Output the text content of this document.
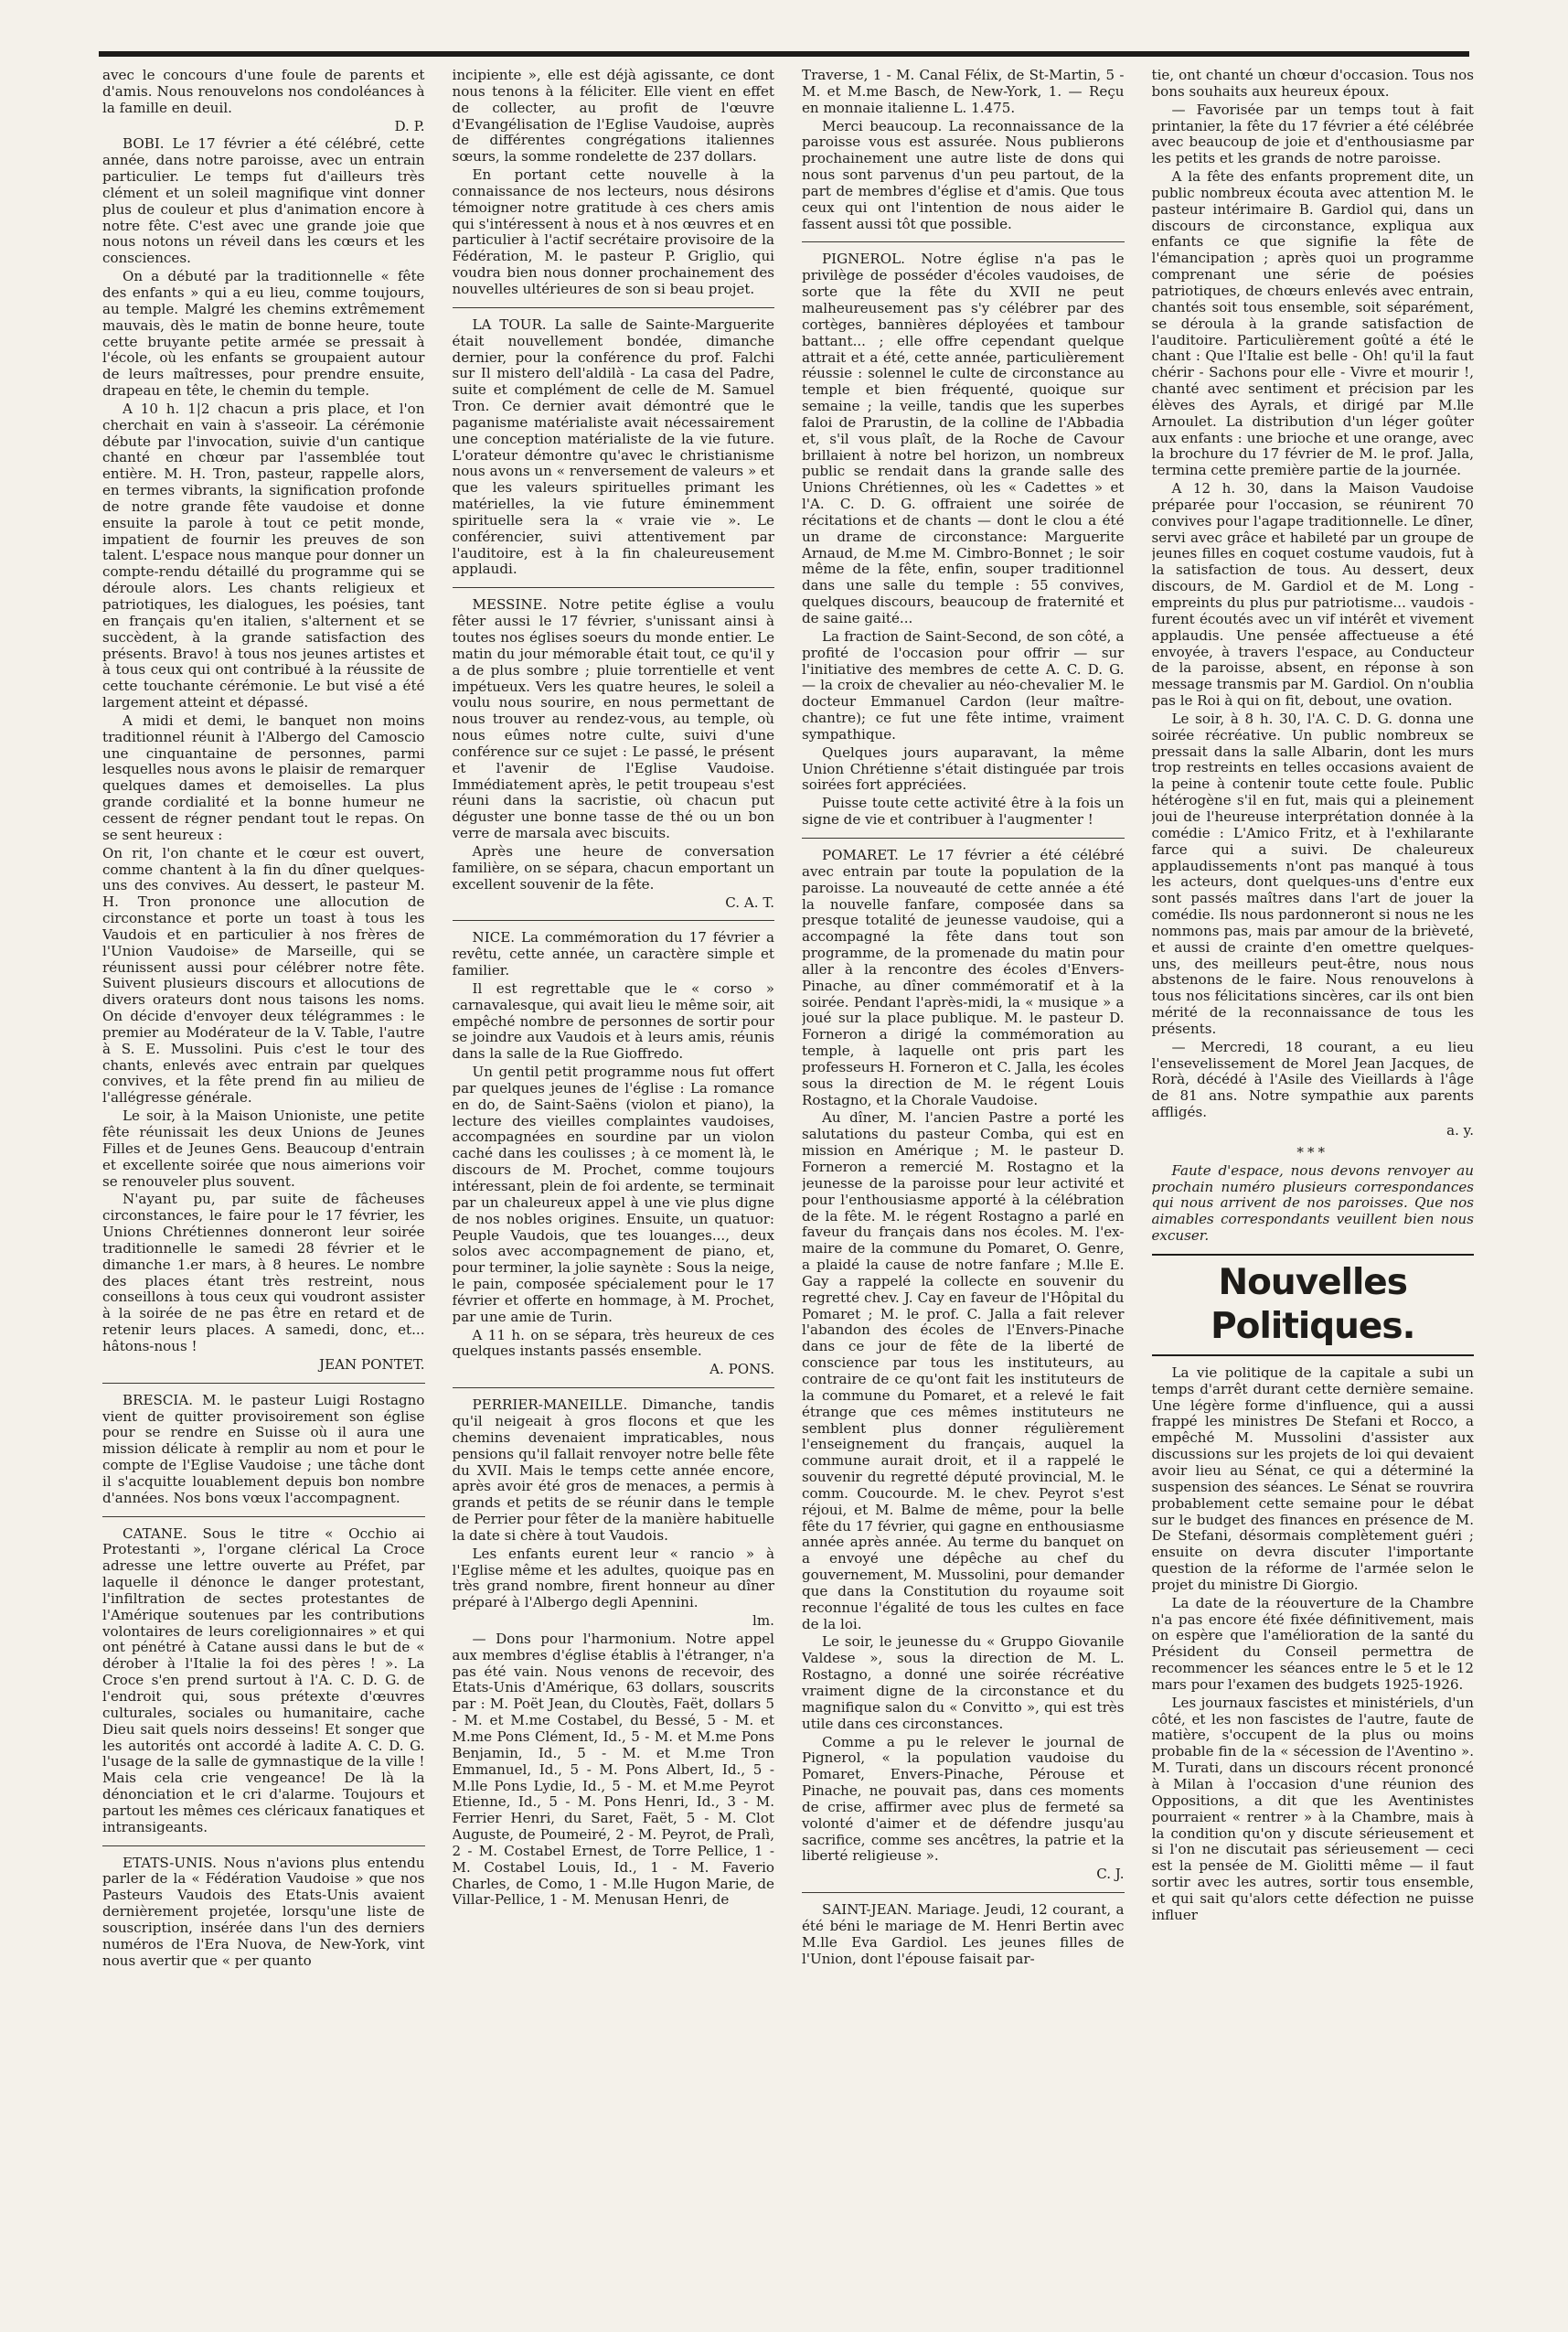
avec le concours d'une foule de parents et d'amis. Nous renouvelons nos condoléances à la famille en deuil.

D. P.

BOBI. Le 17 février a été célébré, cette année, dans notre paroisse, avec un entrain particulier. Le temps fut d'ailleurs très clément et un soleil magnifique vint donner plus de couleur et plus d'animation encore à notre fête. C'est avec une grande joie que nous notons un réveil dans les cœurs et les consciences.

On a débuté par la traditionnelle « fête des enfants » qui a eu lieu, comme toujours, au temple. Malgré les chemins extrêmement mauvais, dès le matin de bonne heure, toute cette bruyante petite armée se pressait à l'école, où les enfants se groupaient autour de leurs maîtresses, pour prendre ensuite, drapeau en tête, le chemin du temple.

A 10 h. 1|2 chacun a pris place, et l'on cherchait en vain à s'asseoir. La cérémonie débute par l'invocation, suivie d'un cantique chanté en chœur par l'assemblée tout entière. M. H. Tron, pasteur, rappelle alors, en termes vibrants, la signification profonde de notre grande fête vaudoise et donne ensuite la parole à tout ce petit monde, impatient de fournir les preuves de son talent. L'espace nous manque pour donner un compte-rendu détaillé du programme qui se déroule alors. Les chants religieux et patriotiques, les dialogues, les poésies, tant en français qu'en italien, s'alternent et se succèdent, à la grande satisfaction des présents. Bravo! à tous nos jeunes artistes et à tous ceux qui ont contribué à la réussite de cette touchante cérémonie. Le but visé a été largement atteint et dépassé.

A midi et demi, le banquet non moins traditionnel réunit à l'Albergo del Camoscio une cinquantaine de personnes, parmi lesquelles nous avons le plaisir de remarquer quelques dames et demoiselles. La plus grande cordialité et la bonne humeur ne cessent de régner pendant tout le repas. On se sent heureux :

On rit, l'on chante et le cœur est ouvert, comme chantent à la fin du dîner quelques-uns des convives. Au dessert, le pasteur M. H. Tron prononce une allocution de circonstance et porte un toast à tous les Vaudois et en particulier à nos frères de l'Union Vaudoise» de Marseille, qui se réunissent aussi pour célébrer notre fête. Suivent plusieurs discours et allocutions de divers orateurs dont nous taisons les noms. On décide d'envoyer deux télégrammes : le premier au Modérateur de la V. Table, l'autre à S. E. Mussolini. Puis c'est le tour des chants, enlevés avec entrain par quelques convives, et la fête prend fin au milieu de l'allégresse générale.

Le soir, à la Maison Unioniste, une petite fête réunissait les deux Unions de Jeunes Filles et de Jeunes Gens. Beaucoup d'entrain et excellente soirée que nous aimerions voir se renouveler plus souvent.

N'ayant pu, par suite de fâcheuses circonstances, le faire pour le 17 février, les Unions Chrétiennes donneront leur soirée traditionnelle le samedi 28 février et le dimanche 1.er mars, à 8 heures. Le nombre des places étant très restreint, nous conseillons à tous ceux qui voudront assister à la soirée de ne pas être en retard et de retenir leurs places. A samedi, donc, et... hâtons-nous !

JEAN PONTET.

BRESCIA. M. le pasteur Luigi Rostagno vient de quitter provisoirement son église pour se rendre en Suisse où il aura une mission délicate à remplir au nom et pour le compte de l'Eglise Vaudoise ; une tâche dont il s'acquitte louablement depuis bon nombre d'années. Nos bons vœux l'accompagnent.

CATANE. Sous le titre « Occhio ai Protestanti », l'organe clérical La Croce adresse une lettre ouverte au Préfet, par laquelle il dénonce le danger protestant, l'infiltration de sectes protestantes de l'Amérique soutenues par les contributions volontaires de leurs coreligionnaires » et qui ont pénétré à Catane aussi dans le but de « dérober à l'Italie la foi des pères ! ». La Croce s'en prend surtout à l'A. C. D. G. de l'endroit qui, sous prétexte d'œuvres culturales, sociales ou humanitaire, cache Dieu sait quels noirs desseins! Et songer que les autorités ont accordé à ladite A. C. D. G. l'usage de la salle de gymnastique de la ville ! Mais cela crie vengeance! De là la dénonciation et le cri d'alarme. Toujours et partout les mêmes ces cléricaux fanatiques et intransigeants.

ETATS-UNIS. Nous n'avions plus entendu parler de la « Fédération Vaudoise » que nos Pasteurs Vaudois des Etats-Unis avaient dernièrement projetée, lorsqu'une liste de souscription, insérée dans l'un des derniers numéros de l'Era Nuova, de New-York, vint nous avertir que « per quanto

incipiente », elle est déjà agissante, ce dont nous tenons à la féliciter. Elle vient en effet de collecter, au profit de l'œuvre d'Evangélisation de l'Eglise Vaudoise, auprès de différentes congrégations italiennes sœurs, la somme rondelette de 237 dollars.

En portant cette nouvelle à la connaissance de nos lecteurs, nous désirons témoigner notre gratitude à ces chers amis qui s'intéressent à nous et à nos œuvres et en particulier à l'actif secrétaire provisoire de la Fédération, M. le pasteur P. Griglio, qui voudra bien nous donner prochainement des nouvelles ultérieures de son si beau projet.

LA TOUR. La salle de Sainte-Marguerite était nouvellement bondée, dimanche dernier, pour la conférence du prof. Falchi sur Il mistero dell'aldilà - La casa del Padre, suite et complément de celle de M. Samuel Tron. Ce dernier avait démontré que le paganisme matérialiste avait nécessairement une conception matérialiste de la vie future. L'orateur démontre qu'avec le christianisme nous avons un « renversement de valeurs » et que les valeurs spirituelles primant les matérielles, la vie future éminemment spirituelle sera la « vraie vie ». Le conférencier, suivi attentivement par l'auditoire, est à la fin chaleureusement applaudi.

MESSINE. Notre petite église a voulu fêter aussi le 17 février, s'unissant ainsi à toutes nos églises soeurs du monde entier. Le matin du jour mémorable était tout, ce qu'il y a de plus sombre ; pluie torrentielle et vent impétueux. Vers les quatre heures, le soleil a voulu nous sourire, en nous permettant de nous trouver au rendez-vous, au temple, où nous eûmes notre culte, suivi d'une conférence sur ce sujet : Le passé, le présent et l'avenir de l'Eglise Vaudoise. Immédiatement après, le petit troupeau s'est réuni dans la sacristie, où chacun put déguster une bonne tasse de thé ou un bon verre de marsala avec biscuits.

Après une heure de conversation familière, on se sépara, chacun emportant un excellent souvenir de la fête.

C. A. T.

NICE. La commémoration du 17 février a revêtu, cette année, un caractère simple et familier.

Il est regrettable que le « corso » carnavalesque, qui avait lieu le même soir, ait empêché nombre de personnes de sortir pour se joindre aux Vaudois et à leurs amis, réunis dans la salle de la Rue Gioffredo.

Un gentil petit programme nous fut offert par quelques jeunes de l'église : La romance en do, de Saint-Saëns (violon et piano), la lecture des vieilles complaintes vaudoises, accompagnées en sourdine par un violon caché dans les coulisses ; à ce moment là, le discours de M. Prochet, comme toujours intéressant, plein de foi ardente, se terminait par un chaleureux appel à une vie plus digne de nos nobles origines. Ensuite, un quatuor: Peuple Vaudois, que tes louanges..., deux solos avec accompagnement de piano, et, pour terminer, la jolie saynète : Sous la neige, le pain, composée spécialement pour le 17 février et offerte en hommage, à M. Prochet, par une amie de Turin.

A 11 h. on se sépara, très heureux de ces quelques instants passés ensemble.

A. PONS.

PERRIER-MANEILLE. Dimanche, tandis qu'il neigeait à gros flocons et que les chemins devenaient impraticables, nous pensions qu'il fallait renvoyer notre belle fête du XVII. Mais le temps cette année encore, après avoir été gros de menaces, a permis à grands et petits de se réunir dans le temple de Perrier pour fêter de la manière habituelle la date si chère à tout Vaudois.

Les enfants eurent leur « rancio » à l'Eglise même et les adultes, quoique pas en très grand nombre, firent honneur au dîner préparé à l'Albergo degli Apennini.

lm.

— Dons pour l'harmonium. Notre appel aux membres d'église établis à l'étranger, n'a pas été vain. Nous venons de recevoir, des Etats-Unis d'Amérique, 63 dollars, souscrits par : M. Poët Jean, du Cloutès, Faët, dollars 5 - M. et M.me Costabel, du Bessé, 5 - M. et M.me Pons Clément, Id., 5 - M. et M.me Pons Benjamin, Id., 5 - M. et M.me Tron Emmanuel, Id., 5 - M. Pons Albert, Id., 5 - M.lle Pons Lydie, Id., 5 - M. et M.me Peyrot Etienne, Id., 5 - M. Pons Henri, Id., 3 - M. Ferrier Henri, du Saret, Faët, 5 - M. Clot Auguste, de Poumeiré, 2 - M. Peyrot, de Pralì, 2 - M. Costabel Ernest, de Torre Pellice, 1 - M. Costabel Louis, Id., 1 - M. Faverio Charles, de Como, 1 - M.lle Hugon Marie, de Villar-Pellice, 1 - M. Menusan Henri, de

Traverse, 1 - M. Canal Félix, de St-Martin, 5 - M. et M.me Basch, de New-York, 1. — Reçu en monnaie italienne L. 1.475.

Merci beaucoup. La reconnaissance de la paroisse vous est assurée. Nous publierons prochainement une autre liste de dons qui nous sont parvenus d'un peu partout, de la part de membres d'église et d'amis. Que tous ceux qui ont l'intention de nous aider le fassent aussi tôt que possible.

PIGNEROL. Notre église n'a pas le privilège de posséder d'écoles vaudoises, de sorte que la fête du XVII ne peut malheureusement pas s'y célébrer par des cortèges, bannières déployées et tambour battant... ; elle offre cependant quelque attrait et a été, cette année, particulièrement réussie : solennel le culte de circonstance au temple et bien fréquenté, quoique sur semaine ; la veille, tandis que les superbes faloi de Prarustin, de la colline de l'Abbadia et, s'il vous plaît, de la Roche de Cavour brillaient à notre bel horizon, un nombreux public se rendait dans la grande salle des Unions Chrétiennes, où les « Cadettes » et l'A. C. D. G. offraient une soirée de récitations et de chants — dont le clou a été un drame de circonstance: Marguerite Arnaud, de M.me M. Cimbro-Bonnet ; le soir même de la fête, enfin, souper traditionnel dans une salle du temple : 55 convives, quelques discours, beaucoup de fraternité et de saine gaité...

La fraction de Saint-Second, de son côté, a profité de l'occasion pour offrir — sur l'initiative des membres de cette A. C. D. G. — la croix de chevalier au néo-chevalier M. le docteur Emmanuel Cardon (leur maître-chantre); ce fut une fête intime, vraiment sympathique.

Quelques jours auparavant, la même Union Chrétienne s'était distinguée par trois soirées fort appréciées.

Puisse toute cette activité être à la fois un signe de vie et contribuer à l'augmenter !

POMARET. Le 17 février a été célébré avec entrain par toute la population de la paroisse. La nouveauté de cette année a été la nouvelle fanfare, composée dans sa presque totalité de jeunesse vaudoise, qui a accompagné la fête dans tout son programme, de la promenade du matin pour aller à la rencontre des écoles d'Envers-Pinache, au dîner commémoratif et à la soirée. Pendant l'après-midi, la « musique » a joué sur la place publique. M. le pasteur D. Forneron a dirigé la commémoration au temple, à laquelle ont pris part les professeurs H. Forneron et C. Jalla, les écoles sous la direction de M. le régent Louis Rostagno, et la Chorale Vaudoise.

Au dîner, M. l'ancien Pastre a porté les salutations du pasteur Comba, qui est en mission en Amérique ; M. le pasteur D. Forneron a remercié M. Rostagno et la jeunesse de la paroisse pour leur activité et pour l'enthousiasme apporté à la célébration de la fête. M. le régent Rostagno a parlé en faveur du français dans nos écoles. M. l'ex-maire de la commune du Pomaret, O. Genre, a plaidé la cause de notre fanfare ; M.lle E. Gay a rappelé la collecte en souvenir du regretté chev. J. Cay en faveur de l'Hôpital du Pomaret ; M. le prof. C. Jalla a fait relever l'abandon des écoles de l'Envers-Pinache dans ce jour de fête de la liberté de conscience par tous les instituteurs, au contraire de ce qu'ont fait les instituteurs de la commune du Pomaret, et a relevé le fait étrange que ces mêmes instituteurs ne semblent plus donner régulièrement l'enseignement du français, auquel la commune aurait droit, et il a rappelé le souvenir du regretté député provincial, M. le comm. Coucourde. M. le chev. Peyrot s'est réjoui, et M. Balme de même, pour la belle fête du 17 février, qui gagne en enthousiasme année après année. Au terme du banquet on a envoyé une dépêche au chef du gouvernement, M. Mussolini, pour demander que dans la Constitution du royaume soit reconnue l'égalité de tous les cultes en face de la loi.

Le soir, le jeunesse du « Gruppo Giovanile Valdese », sous la direction de M. L. Rostagno, a donné une soirée récréative vraiment digne de la circonstance et du magnifique salon du « Convitto », qui est très utile dans ces circonstances.

Comme a pu le relever le journal de Pignerol, « la population vaudoise du Pomaret, Envers-Pinache, Pérouse et Pinache, ne pouvait pas, dans ces moments de crise, affirmer avec plus de fermeté sa volonté d'aimer et de défendre jusqu'au sacrifice, comme ses ancêtres, la patrie et la liberté religieuse ».

C. J.

SAINT-JEAN. Mariage. Jeudi, 12 courant, a été béni le mariage de M. Henri Bertin avec M.lle Eva Gardiol. Les jeunes filles de l'Union, dont l'épouse faisait par-

tie, ont chanté un chœur d'occasion. Tous nos bons souhaits aux heureux époux.

— Favorisée par un temps tout à fait printanier, la fête du 17 février a été célébrée avec beaucoup de joie et d'enthousiasme par les petits et les grands de notre paroisse.

A la fête des enfants proprement dite, un public nombreux écouta avec attention M. le pasteur intérimaire B. Gardiol qui, dans un discours de circonstance, expliqua aux enfants ce que signifie la fête de l'émancipation ; après quoi un programme comprenant une série de poésies patriotiques, de chœurs enlevés avec entrain, chantés soit tous ensemble, soit séparément, se déroula à la grande satisfaction de l'auditoire. Particulièrement goûté a été le chant : Que l'Italie est belle - Oh! qu'il la faut chérir - Sachons pour elle - Vivre et mourir !, chanté avec sentiment et précision par les élèves des Ayrals, et dirigé par M.lle Arnoulet. La distribution d'un léger goûter aux enfants : une brioche et une orange, avec la brochure du 17 février de M. le prof. Jalla, termina cette première partie de la journée.

A 12 h. 30, dans la Maison Vaudoise préparée pour l'occasion, se réunirent 70 convives pour l'agape traditionnelle. Le dîner, servi avec grâce et habileté par un groupe de jeunes filles en coquet costume vaudois, fut à la satisfaction de tous. Au dessert, deux discours, de M. Gardiol et de M. Long - empreints du plus pur patriotisme... vaudois - furent écoutés avec un vif intérêt et vivement applaudis. Une pensée affectueuse a été envoyée, à travers l'espace, au Conducteur de la paroisse, absent, en réponse à son message transmis par M. Gardiol. On n'oublia pas le Roi à qui on fit, debout, une ovation.

Le soir, à 8 h. 30, l'A. C. D. G. donna une soirée récréative. Un public nombreux se pressait dans la salle Albarin, dont les murs trop restreints en telles occasions avaient de la peine à contenir toute cette foule. Public hétérogène s'il en fut, mais qui a pleinement joui de l'heureuse interprétation donnée à la comédie : L'Amico Fritz, et à l'exhilarante farce qui a suivi. De chaleureux applaudissements n'ont pas manqué à tous les acteurs, dont quelques-uns d'entre eux sont passés maîtres dans l'art de jouer la comédie. Ils nous pardonneront si nous ne les nommons pas, mais par amour de la brièveté, et aussi de crainte d'en omettre quelques-uns, des meilleurs peut-être, nous nous abstenons de le faire. Nous renouvelons à tous nos félicitations sincères, car ils ont bien mérité de la reconnaissance de tous les présents.

— Mercredi, 18 courant, a eu lieu l'ensevelissement de Morel Jean Jacques, de Rorà, décédé à l'Asile des Vieillards à l'âge de 81 ans. Notre sympathie aux parents affligés.

a. y.

***

Faute d'espace, nous devons renvoyer au prochain numéro plusieurs correspondances qui nous arrivent de nos paroisses. Que nos aimables correspondants veuillent bien nous excuser.

Nouvelles Politiques.

La vie politique de la capitale a subi un temps d'arrêt durant cette dernière semaine. Une légère forme d'influence, qui a aussi frappé les ministres De Stefani et Rocco, a empêché M. Mussolini d'assister aux discussions sur les projets de loi qui devaient avoir lieu au Sénat, ce qui a déterminé la suspension des séances. Le Sénat se rouvrira probablement cette semaine pour le débat sur le budget des finances en présence de M. De Stefani, désormais complètement guéri ; ensuite on devra discuter l'importante question de la réforme de l'armée selon le projet du ministre Di Giorgio.

La date de la réouverture de la Chambre n'a pas encore été fixée définitivement, mais on espère que l'amélioration de la santé du Président du Conseil permettra de recommencer les séances entre le 5 et le 12 mars pour l'examen des budgets 1925-1926.

Les journaux fascistes et ministériels, d'un côté, et les non fascistes de l'autre, faute de matière, s'occupent de la plus ou moins probable fin de la « sécession de l'Aventino ». M. Turati, dans un discours récent prononcé à Milan à l'occasion d'une réunion des Oppositions, a dit que les Aventinistes pourraient « rentrer » à la Chambre, mais à la condition qu'on y discute sérieusement et si l'on ne discutait pas sérieusement — ceci est la pensée de M. Giolitti même — il faut sortir avec les autres, sortir tous ensemble, et qui sait qu'alors cette défection ne puisse influer
